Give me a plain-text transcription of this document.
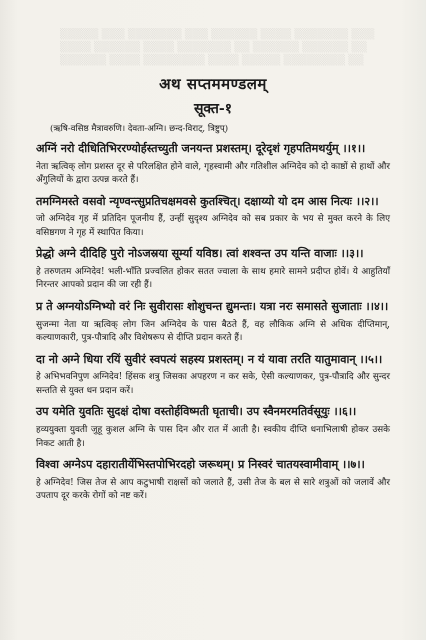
▒▒▒▒▒ ▒▒▒ ▒▒▒▒▒▒▒ ▒▒▒ ▒▒▒▒▒▒ ▒▒▒▒ ▒▒▒▒▒▒▒ ▒▒▒
▒▒▒▒ ▒▒▒▒▒▒ ▒▒▒▒ ▒▒▒▒▒▒▒ ▒▒ ▒▒▒▒▒▒ ▒▒▒▒▒▒ ▒▒
▒▒▒▒▒▒ ▒▒▒▒ ▒▒▒▒▒▒▒▒ ▒▒▒▒ ▒▒▒▒▒ ▒▒▒▒▒▒▒▒ ▒▒
अथ सप्तममण्डलम्
सूक्त-१
(ऋषि-वसिष्ठ मैत्रावरुणि। देवता-अग्नि। छन्द-विराट्, त्रिष्टुप्)

अग्निं नरो दीधितिभिररण्योर्हस्तच्युती जनयन्त प्रशस्तम्। दूरेदृशं गृहपतिमथर्युम् ।।१।।

नेता ऋत्विक् लोग प्रशस्त दूर से परिलक्षित होने वाले, गृहस्वामी और गतिशील अग्निदेव को दो काष्ठों से हाथों और अँगुलियों के द्वारा उत्पन्न करते हैं।

तमग्निमस्ते वसवो न्यृण्वन्त्सुप्रतिचक्षमवसे कुतश्चित्। दक्षाय्यो यो दम आस नित्यः ।।२।।

जो अग्निदेव गृह में प्रतिदिन पूजनीय हैं, उन्हीं सुदृश्य अग्निदेव को सब प्रकार के भय से मुक्त करने के लिए वसिष्ठगण ने गृह में स्थापित किया।

प्रेद्धो अग्ने दीदिहि पुरो नोऽजस्रया सूर्म्या यविष्ठ। त्वां शश्वन्त उप यन्ति वाजाः ।।३।।

हे तरुणतम अग्निदेव! भली-भाँति प्रज्वलित होकर सतत ज्वाला के साथ हमारे सामने प्रदीप्त होवें। ये आहुतियाँ निरन्तर आपको प्रदान की जा रही हैं।

प्र ते अग्नयोऽग्निभ्यो वरं निः सुवीरासः शोशुचन्त द्युमन्तः। यत्रा नरः समासते सुजाताः ।।४।।

सुजन्मा नेता या ऋत्विक् लोग जिन अग्निदेव के पास बैठते हैं, वह लौकिक अग्नि से अधिक दीप्तिमान्, कल्याणकारी, पुत्र-पौत्रादि और विशेषरूप से दीप्ति प्रदान करते हैं।

दा नो अग्ने धिया रयिं सुवीरं स्वपत्यं सहस्य प्रशस्तम्। न यं यावा तरति यातुमावान् ।।५।।

हे अभिभवनिपुण अग्निदेव! हिंसक शत्रु जिसका अपहरण न कर सके, ऐसी कल्याणकर, पुत्र-पौत्रादि और सुन्दर सन्तति से युक्त धन प्रदान करें।

उप यमेति युवतिः सुदक्षं दोषा वस्तोर्हविष्मती घृताची। उप स्वैनमरमतिर्वसूयुः ।।६।।

हव्ययुक्ता युवती जुहू कुशल अग्नि के पास दिन और रात में आती है। स्वकीय दीप्ति धनाभिलाषी होकर उसके निकट आती है।

विश्वा अग्नेऽप दहारातीर्येभिस्तपोभिरदहो जरूथम्। प्र निस्वरं चातयस्वामीवाम् ।।७।।

हे अग्निदेव! जिस तेज से आप कटुभाषी राक्षसों को जलाते हैं, उसी तेज के बल से सारे शत्रुओं को जलावें और उपताप दूर करके रोगों को नष्ट करें।
